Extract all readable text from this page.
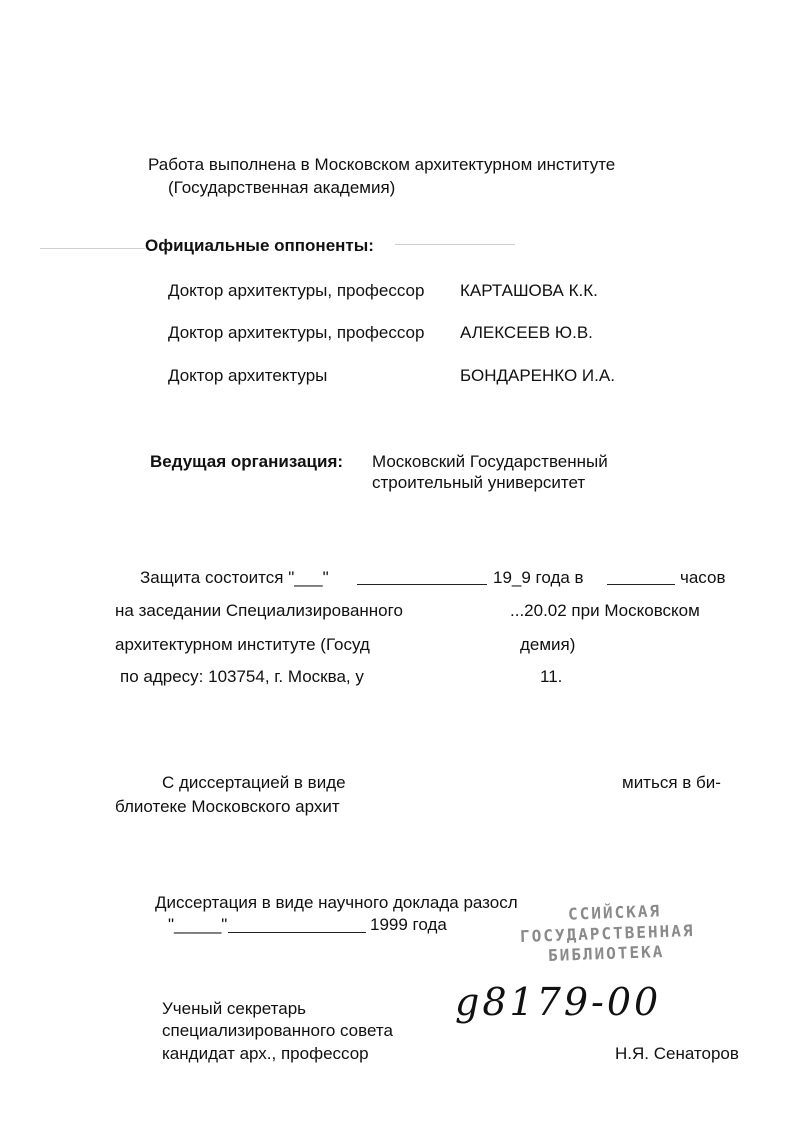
Работа выполнена в Московском архитектурном институте
(Государственная академия)
Официальные оппоненты:
Доктор архитектуры, профессор КАРТАШОВА К.К.
Доктор архитектуры, профессор АЛЕКСЕЕВ Ю.В.
Доктор архитектуры	БОНДАРЕНКО И.А.
Ведущая организация: Московский Государственный
строительный университет
Защита состоится "___"	19_9 года в	часов
на заседании Специализированного	...20.02 при Московском
архитектурном институте (Госуд	демия)
по адресу: 103754, г. Москва, у	11.
С диссертацией в виде	миться в би-
блиотеке Московского архит
Диссертация в виде научного доклада разосл
"_____"	1999 года
ССИЙСКАЯ
ГОСУДАРСТВЕННАЯ
БИБЛИОТЕКА
g8179-00
Ученый секретарь
специализированного совета
кандидат арх., профессор	Н.Я. Сенаторов
